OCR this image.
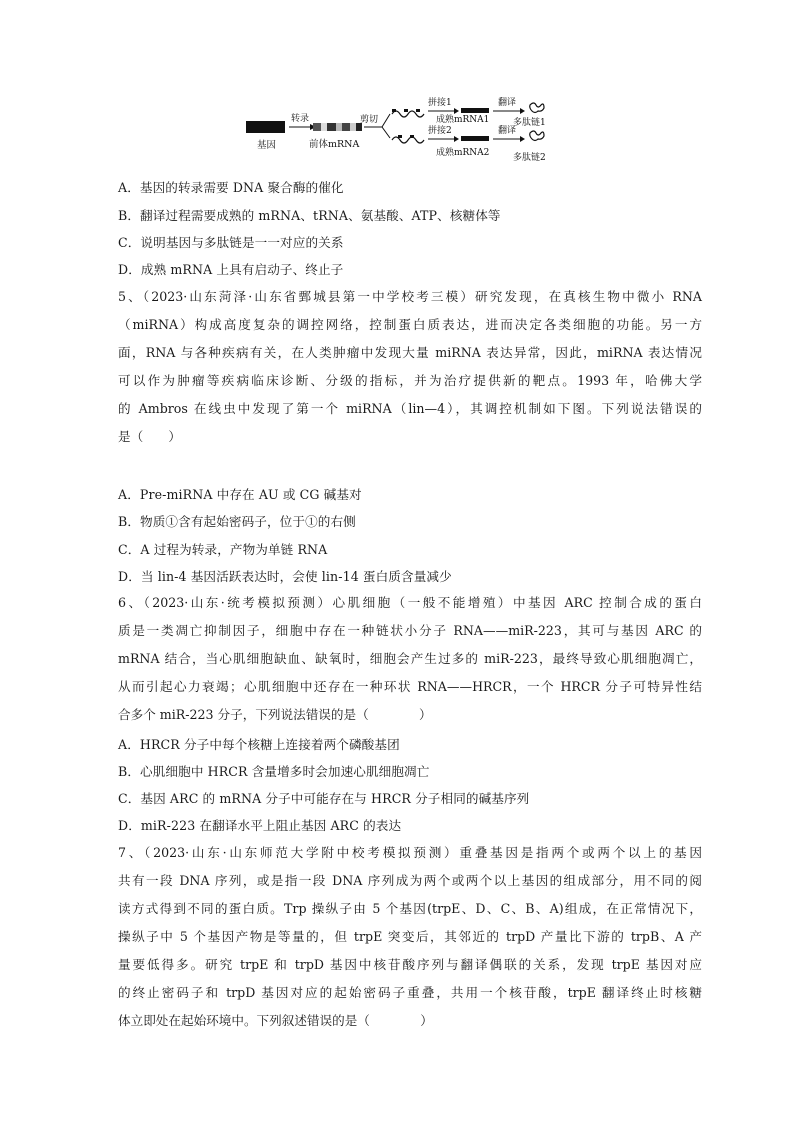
基因
转录
前体mRNA
剪切
拼接1
拼接2
成熟mRNA1
成熟mRNA2
翻译
翻译
多肽链1
多肽链2
A．基因的转录需要 DNA 聚合酶的催化
B．翻译过程需要成熟的 mRNA、tRNA、氨基酸、ATP、核糖体等
C．说明基因与多肽链是一一对应的关系
D．成熟 mRNA 上具有启动子、终止子
5、（2023·山东菏泽·山东省鄄城县第一中学校考三模）研究发现，在真核生物中微小 RNA
（miRNA）构成高度复杂的调控网络，控制蛋白质表达，进而决定各类细胞的功能。另一方
面，RNA 与各种疾病有关，在人类肿瘤中发现大量 miRNA 表达异常，因此，miRNA 表达情况
可以作为肿瘤等疾病临床诊断、分级的指标，并为治疗提供新的靶点。1993 年，哈佛大学
的 Ambros 在线虫中发现了第一个 miRNA（lin—4），其调控机制如下图。下列说法错误的
是（　　）
A．Pre-miRNA 中存在 AU 或 CG 碱基对
B．物质①含有起始密码子，位于①的右侧
C．A 过程为转录，产物为单链 RNA
D．当 lin-4 基因活跃表达时，会使 lin-14 蛋白质含量减少
6、（2023·山东·统考模拟预测）心肌细胞（一般不能增殖）中基因 ARC 控制合成的蛋白
质是一类凋亡抑制因子，细胞中存在一种链状小分子 RNA——miR-223，其可与基因 ARC 的
mRNA 结合，当心肌细胞缺血、缺氧时，细胞会产生过多的 miR-223，最终导致心肌细胞凋亡，
从而引起心力衰竭；心肌细胞中还存在一种环状 RNA——HRCR，一个 HRCR 分子可特异性结
合多个 miR-223 分子，下列说法错误的是（　　　　）
A．HRCR 分子中每个核糖上连接着两个磷酸基团
B．心肌细胞中 HRCR 含量增多时会加速心肌细胞凋亡
C．基因 ARC 的 mRNA 分子中可能存在与 HRCR 分子相同的碱基序列
D．miR-223 在翻译水平上阻止基因 ARC 的表达
7、（2023·山东·山东师范大学附中校考模拟预测）重叠基因是指两个或两个以上的基因
共有一段 DNA 序列，或是指一段 DNA 序列成为两个或两个以上基因的组成部分，用不同的阅
读方式得到不同的蛋白质。Trp 操纵子由 5 个基因(trpE、D、C、B、A)组成，在正常情况下，
操纵子中 5 个基因产物是等量的，但 trpE 突变后，其邻近的 trpD 产量比下游的 trpB、A 产
量要低得多。研究 trpE 和 trpD 基因中核苷酸序列与翻译偶联的关系，发现 trpE 基因对应
的终止密码子和 trpD 基因对应的起始密码子重叠，共用一个核苷酸，trpE 翻译终止时核糖
体立即处在起始环境中。下列叙述错误的是（　　　　）
